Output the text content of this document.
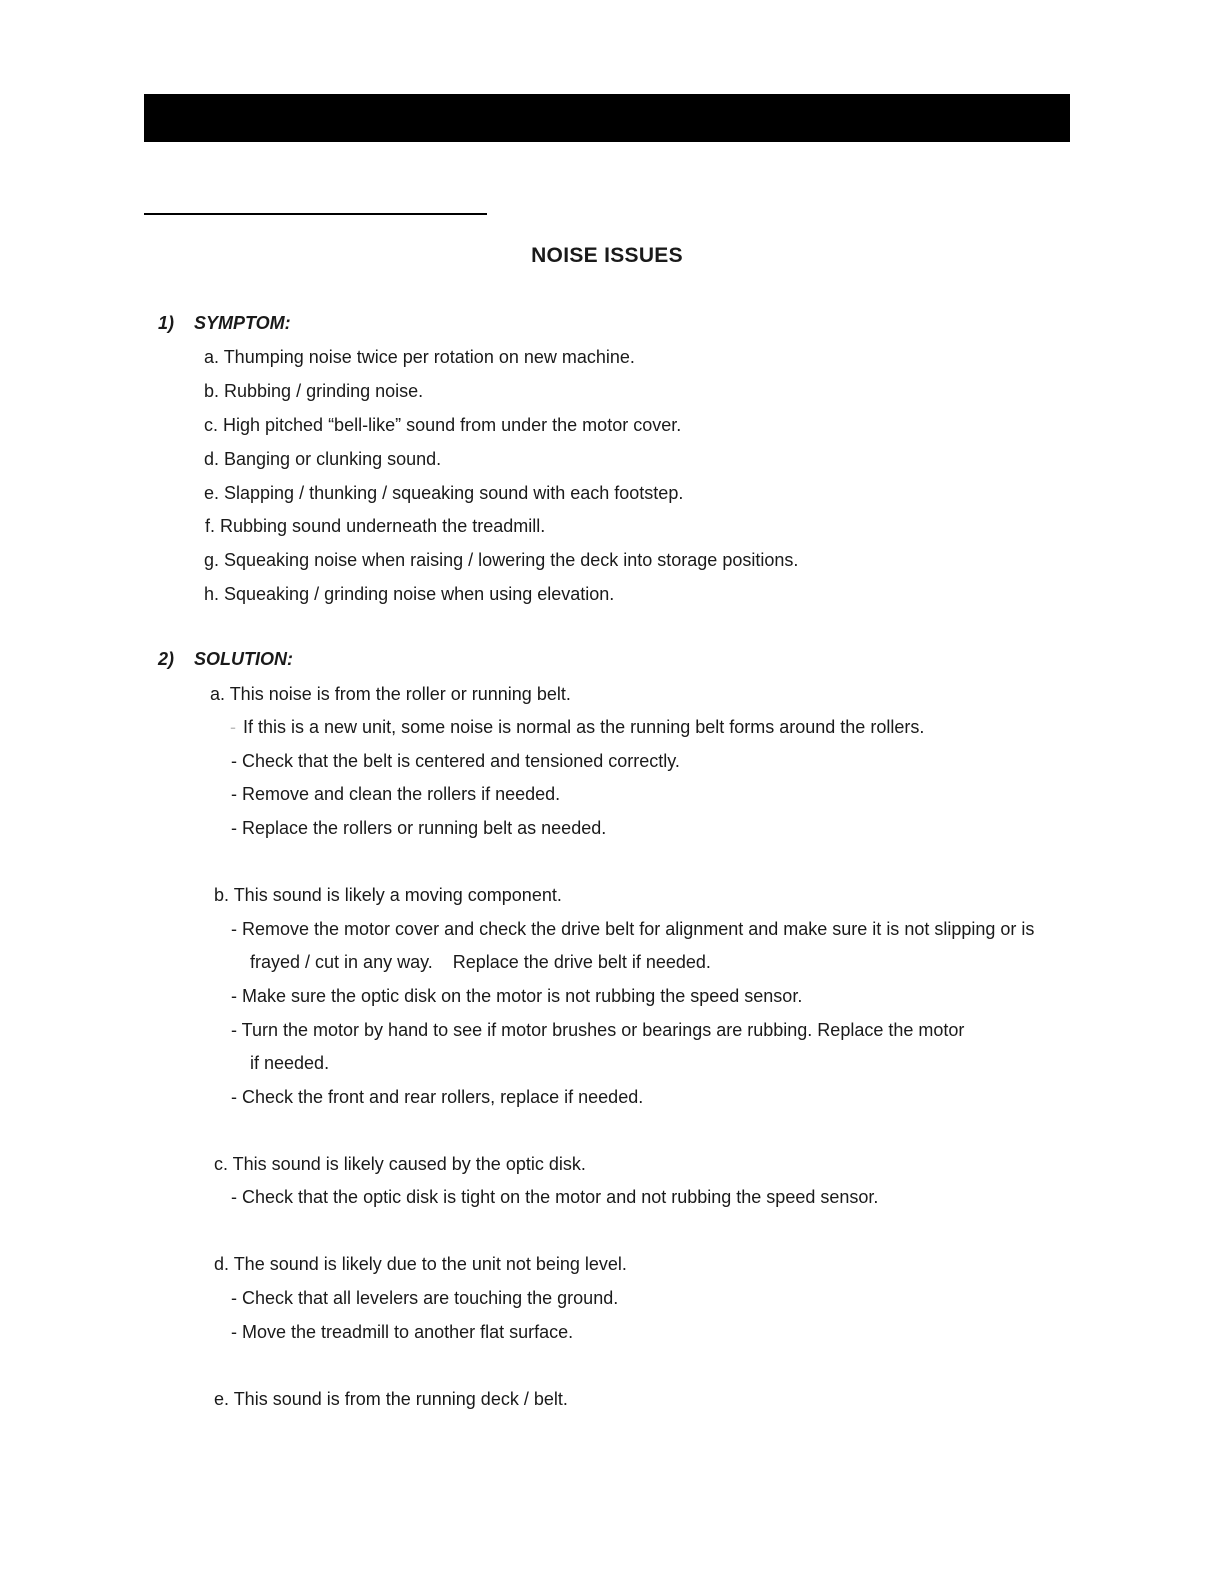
NOISE ISSUES
1) SYMPTOM:
a. Thumping noise twice per rotation on new machine.
b. Rubbing / grinding noise.
c. High pitched “bell-like” sound from under the motor cover.
d. Banging or clunking sound.
e. Slapping / thunking / squeaking sound with each footstep.
f. Rubbing sound underneath the treadmill.
g. Squeaking noise when raising / lowering the deck into storage positions.
h. Squeaking / grinding noise when using elevation.
2) SOLUTION:
a. This noise is from the roller or running belt.
- If this is a new unit, some noise is normal as the running belt forms around the rollers.
- Check that the belt is centered and tensioned correctly.
- Remove and clean the rollers if needed.
- Replace the rollers or running belt as needed.
b. This sound is likely a moving component.
- Remove the motor cover and check the drive belt for alignment and make sure it is not slipping or is
frayed / cut in any way.    Replace the drive belt if needed.
- Make sure the optic disk on the motor is not rubbing the speed sensor.
- Turn the motor by hand to see if motor brushes or bearings are rubbing. Replace the motor
if needed.
- Check the front and rear rollers, replace if needed.
c. This sound is likely caused by the optic disk.
- Check that the optic disk is tight on the motor and not rubbing the speed sensor.
d. The sound is likely due to the unit not being level.
- Check that all levelers are touching the ground.
- Move the treadmill to another flat surface.
e. This sound is from the running deck / belt.
